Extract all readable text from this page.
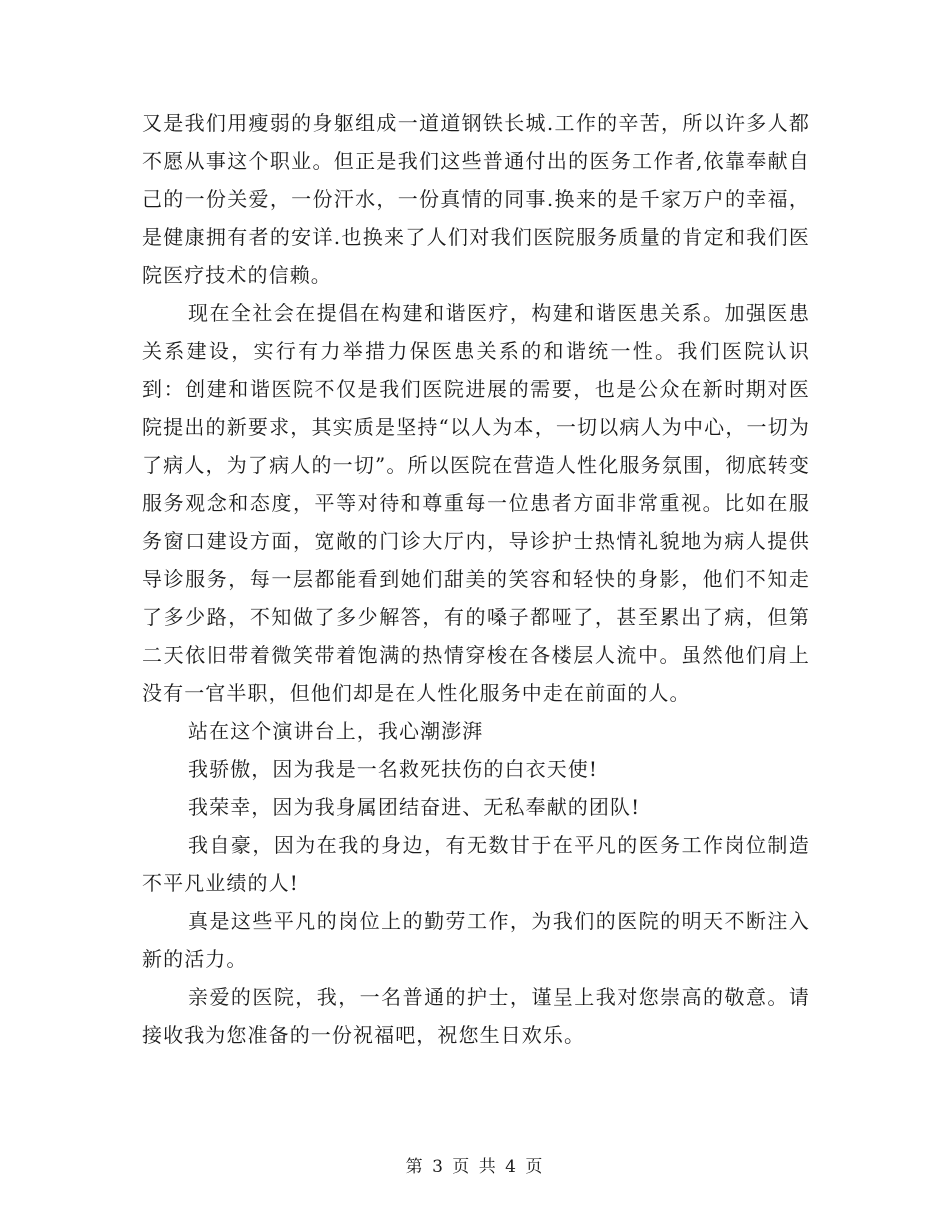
又是我们用瘦弱的身躯组成一道道钢铁长城.工作的辛苦，所以许多人都不愿从事这个职业。但正是我们这些普通付出的医务工作者,依靠奉献自己的一份关爱，一份汗水，一份真情的同事.换来的是千家万户的幸福，是健康拥有者的安详.也换来了人们对我们医院服务质量的肯定和我们医院医疗技术的信赖。

现在全社会在提倡在构建和谐医疗，构建和谐医患关系。加强医患关系建设，实行有力举措力保医患关系的和谐统一性。我们医院认识到：创建和谐医院不仅是我们医院进展的需要，也是公众在新时期对医院提出的新要求，其实质是坚持“以人为本，一切以病人为中心，一切为了病人，为了病人的一切”。所以医院在营造人性化服务氛围，彻底转变服务观念和态度，平等对待和尊重每一位患者方面非常重视。比如在服务窗口建设方面，宽敞的门诊大厅内，导诊护士热情礼貌地为病人提供导诊服务，每一层都能看到她们甜美的笑容和轻快的身影，他们不知走了多少路，不知做了多少解答，有的嗓子都哑了，甚至累出了病，但第二天依旧带着微笑带着饱满的热情穿梭在各楼层人流中。虽然他们肩上没有一官半职，但他们却是在人性化服务中走在前面的人。

站在这个演讲台上，我心潮澎湃

我骄傲，因为我是一名救死扶伤的白衣天使!

我荣幸，因为我身属团结奋进、无私奉献的团队!

我自豪，因为在我的身边，有无数甘于在平凡的医务工作岗位制造不平凡业绩的人!

真是这些平凡的岗位上的勤劳工作，为我们的医院的明天不断注入新的活力。

亲爱的医院，我，一名普通的护士，谨呈上我对您崇高的敬意。请接收我为您准备的一份祝福吧，祝您生日欢乐。

第 3 页 共 4 页
